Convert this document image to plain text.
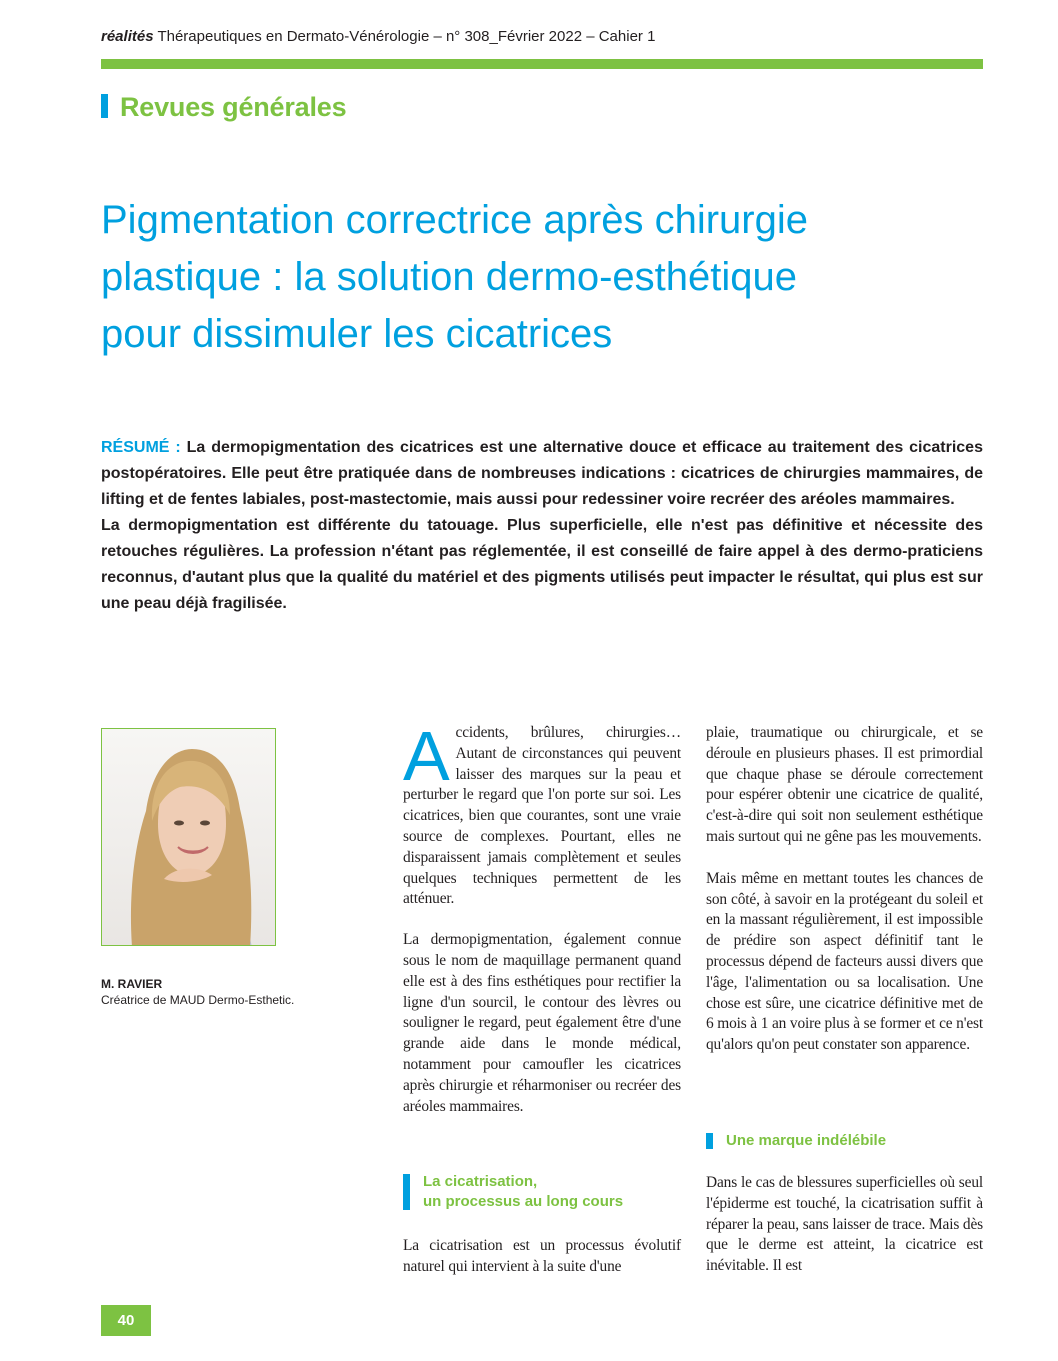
réalités Thérapeutiques en Dermato-Vénérologie – n° 308_Février 2022 – Cahier 1
Revues générales
Pigmentation correctrice après chirurgie
plastique : la solution dermo-esthétique
pour dissimuler les cicatrices

RÉSUMÉ : La dermopigmentation des cicatrices est une alternative douce et efficace au traitement des cicatrices postopératoires. Elle peut être pratiquée dans de nombreuses indications : cicatrices de chirurgies mammaires, de lifting et de fentes labiales, post-mastectomie, mais aussi pour redessiner voire recréer des aréoles mammaires.

La dermopigmentation est différente du tatouage. Plus superficielle, elle n'est pas définitive et nécessite des retouches régulières. La profession n'étant pas réglementée, il est conseillé de faire appel à des dermo-praticiens reconnus, d'autant plus que la qualité du matériel et des pigments utilisés peut impacter le résultat, qui plus est sur une peau déjà fragilisée.

M. RAVIER
Créatrice de MAUD Dermo-Esthetic.

Accidents, brûlures, chirurgies… Autant de circonstances qui peuvent laisser des marques sur la peau et perturber le regard que l'on porte sur soi. Les cicatrices, bien que courantes, sont une vraie source de complexes. Pourtant, elles ne disparaissent jamais complètement et seules quelques techniques permettent de les atténuer.

La dermopigmentation, également connue sous le nom de maquillage permanent quand elle est à des fins esthétiques pour rectifier la ligne d'un sourcil, le contour des lèvres ou souligner le regard, peut également être d'une grande aide dans le monde médical, notamment pour camoufler les cicatrices après chirurgie et réharmoniser ou recréer des aréoles mammaires.

La cicatrisation,
un processus au long cours

La cicatrisation est un processus évolutif naturel qui intervient à la suite d'une

plaie, traumatique ou chirurgicale, et se déroule en plusieurs phases. Il est primordial que chaque phase se déroule correctement pour espérer obtenir une cicatrice de qualité, c'est-à-dire qui soit non seulement esthétique mais surtout qui ne gêne pas les mouvements.

Mais même en mettant toutes les chances de son côté, à savoir en la protégeant du soleil et en la massant régulièrement, il est impossible de prédire son aspect définitif tant le processus dépend de facteurs aussi divers que l'âge, l'alimentation ou sa localisation. Une chose est sûre, une cicatrice définitive met de 6 mois à 1 an voire plus à se former et ce n'est qu'alors qu'on peut constater son apparence.

Une marque indélébile

Dans le cas de blessures superficielles où seul l'épiderme est touché, la cicatrisation suffit à réparer la peau, sans laisser de trace. Mais dès que le derme est atteint, la cicatrice est inévitable. Il est

40
